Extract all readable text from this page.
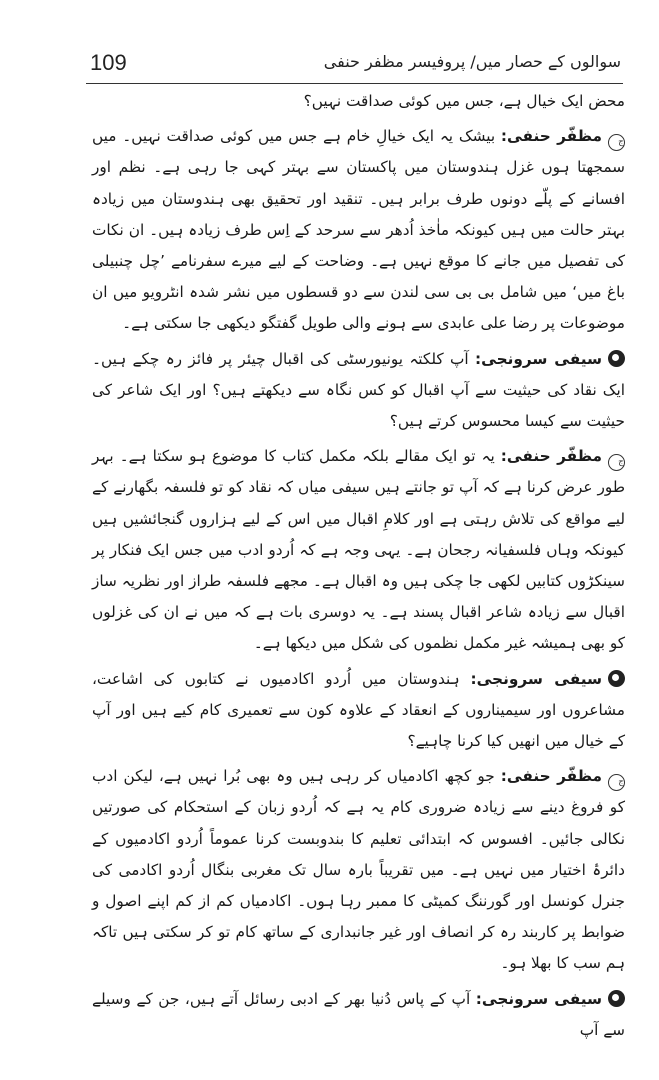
109	سوالوں کے حصار میں/ پروفیسر مظفر حنفی

محض ایک خیال ہے، جس میں کوئی صداقت نہیں؟

جمظفّر حنفی: بیشک یہ ایک خیالِ خام ہے جس میں کوئی صداقت نہیں۔ میں سمجھتا ہوں غزل ہندوستان میں پاکستان سے بہتر کہی جا رہی ہے۔ نظم اور افسانے کے پلّے دونوں طرف برابر ہیں۔ تنقید اور تحقیق بھی ہندوستان میں زیادہ بہتر حالت میں ہیں کیونکہ ماٰخذ اُدھر سے سرحد کے اِس طرف زیادہ ہیں۔ ان نکات کی تفصیل میں جانے کا موقع نہیں ہے۔ وضاحت کے لیے میرے سفرنامے ’چل چنبیلی باغ میں‘ میں شامل بی بی سی لندن سے دو قسطوں میں نشر شدہ انٹرویو میں ان موضوعات پر رضا علی عابدی سے ہونے والی طویل گفتگو دیکھی جا سکتی ہے۔

سیفی سرونجی: آپ کلکتہ یونیورسٹی کی اقبال چیئر پر فائز رہ چکے ہیں۔ ایک نقاد کی حیثیت سے آپ اقبال کو کس نگاہ سے دیکھتے ہیں؟ اور ایک شاعر کی حیثیت سے کیسا محسوس کرتے ہیں؟

جمظفّر حنفی: یہ تو ایک مقالے بلکہ مکمل کتاب کا موضوع ہو سکتا ہے۔ بہر طور عرض کرنا ہے کہ آپ تو جانتے ہیں سیفی میاں کہ نقاد کو تو فلسفہ بگھارنے کے لیے مواقع کی تلاش رہتی ہے اور کلامِ اقبال میں اس کے لیے ہزاروں گنجائشیں ہیں کیونکہ وہاں فلسفیانہ رجحان ہے۔ یہی وجہ ہے کہ اُردو ادب میں جس ایک فنکار پر سینکڑوں کتابیں لکھی جا چکی ہیں وہ اقبال ہے۔ مجھے فلسفہ طراز اور نظریہ ساز اقبال سے زیادہ شاعر اقبال پسند ہے۔ یہ دوسری بات ہے کہ میں نے ان کی غزلوں کو بھی ہمیشہ غیر مکمل نظموں کی شکل میں دیکھا ہے۔

سیفی سرونجی: ہندوستان میں اُردو اکادمیوں نے کتابوں کی اشاعت، مشاعروں اور سیمیناروں کے انعقاد کے علاوہ کون سے تعمیری کام کیے ہیں اور آپ کے خیال میں انھیں کیا کرنا چاہیے؟

جمظفّر حنفی: جو کچھ اکادمیاں کر رہی ہیں وہ بھی بُرا نہیں ہے، لیکن ادب کو فروغ دینے سے زیادہ ضروری کام یہ ہے کہ اُردو زبان کے استحکام کی صورتیں نکالی جائیں۔ افسوس کہ ابتدائی تعلیم کا بندوبست کرنا عموماً اُردو اکادمیوں کے دائرۂ اختیار میں نہیں ہے۔ میں تقریباً بارہ سال تک مغربی بنگال اُردو اکادمی کی جنرل کونسل اور گورننگ کمیٹی کا ممبر رہا ہوں۔ اکادمیاں کم از کم اپنے اصول و ضوابط پر کاربند رہ کر انصاف اور غیر جانبداری کے ساتھ کام تو کر سکتی ہیں تاکہ ہم سب کا بھلا ہو۔

سیفی سرونجی: آپ کے پاس دُنیا بھر کے ادبی رسائل آتے ہیں، جن کے وسیلے سے آپ
